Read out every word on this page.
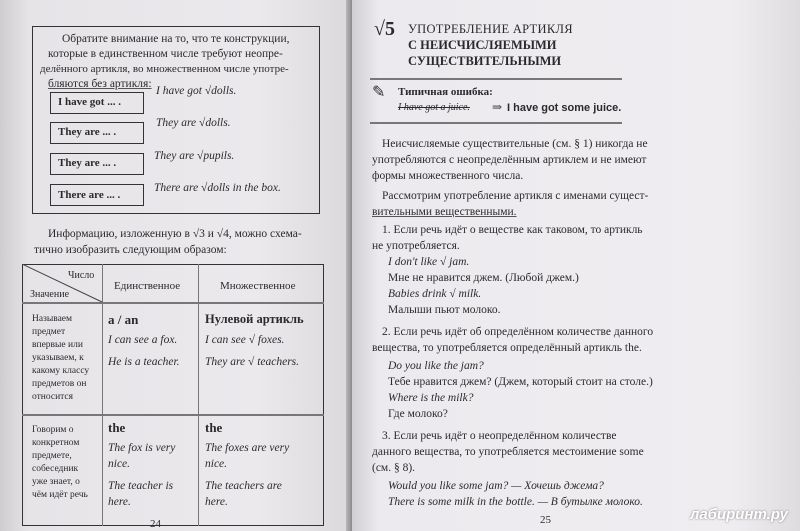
Обратите внимание на то, что те конструкции,
которые в единственном числе требуют неопре-
делённого артикля, во множественном числе употре-
бляются без артикля:
I have got ... .
I have got √dolls.
They are ... .
They are √dolls.
They are ... .
They are √pupils.
There are ... .
There are √dolls in the box.
Информацию, изложенную в √3 и √4, можно схема-
тично изобразить следующим образом:
Число
Значение
Единственное	Множественное
Называем
предмет
впервые или
указываем, к
какому классу
предметов он
относится
a / an
I can see a fox.
He is a teacher.
Нулевой артикль
I can see √ foxes.
They are √ teachers.
Говорим о
конкретном
предмете,
собеседник
уже знает, о
чём идёт речь
the
The fox is very
nice.
The teacher is
here.
the
The foxes are very
nice.
The teachers are
here.
24
√5 УПОТРЕБЛЕНИЕ АРТИКЛЯ
С НЕИСЧИСЛЯЕМЫМИ
СУЩЕСТВИТЕЛЬНЫМИ
✎ Типичная ошибка:
I have got a juice. ⇒ I have got some juice.
Неисчисляемые существительные (см. § 1) никогда не
употребляются с неопределённым артиклем и не имеют
формы множественного числа.
Рассмотрим употребление артикля с именами сущест-
вительными вещественными.
1. Если речь идёт о веществе как таковом, то артикль
не употребляется.
I don't like √ jam.
Мне не нравится джем. (Любой джем.)
Babies drink √ milk.
Малыши пьют молоко.
2. Если речь идёт об определённом количестве данного
вещества, то употребляется определённый артикль the.
Do you like the jam?
Тебе нравится джем? (Джем, который стоит на столе.)
Where is the milk?
Где молоко?
3. Если речь идёт о неопределённом количестве
данного вещества, то употребляется местоимение some
(см. § 8).
Would you like some jam? — Хочешь джема?
There is some milk in the bottle. — В бутылке молоко.
25	лабиринт.ру
